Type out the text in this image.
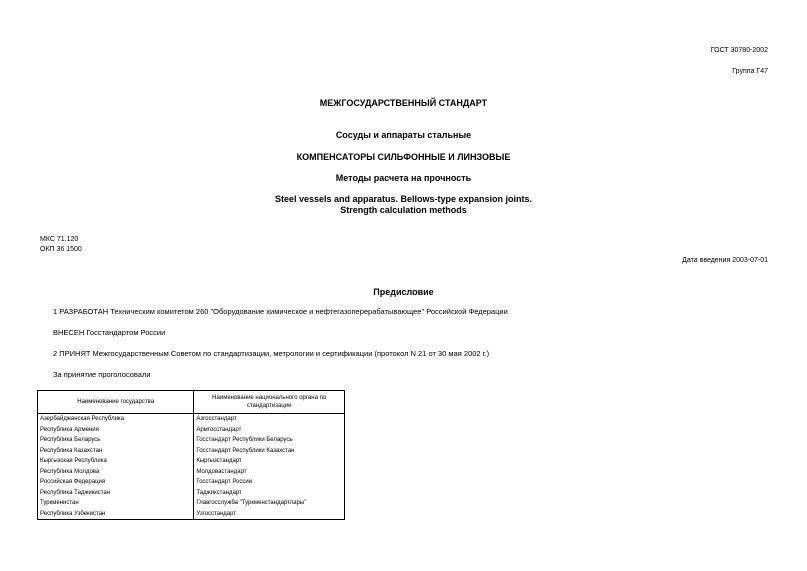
ГОСТ 30780-2002
Группа Г47
МЕЖГОСУДАРСТВЕННЫЙ СТАНДАРТ
Сосуды и аппараты стальные
КОМПЕНСАТОРЫ СИЛЬФОННЫЕ И ЛИНЗОВЫЕ
Методы расчета на прочность
Steel vessels and apparatus. Bellows-type expansion joints.
Strength calculation methods
МКС 71.120
ОКП 36 1500
Дата введения 2003-07-01
Предисловие
1 РАЗРАБОТАН Техническим комитетом 260 "Оборудование химическое и нефтегазоперерабатывающее" Российской Федерации
ВНЕСЕН Госстандартом России
2 ПРИНЯТ Межгосударственным Советом по стандартизации, метрологии и сертификации (протокол N 21 от 30 мая 2002 г.)
За принятие проголосовали
Наименование государства	Наименование национального органа по стандартизации
Азербайджанская Республика	Азгосстандарт
Республика Армения	Армгосстандарт
Республика Беларусь	Госстандарт Республики Беларусь
Республика Казахстан	Госстандарт Республики Казахстан
Кыргызская Республика	Кыргызстандарт
Республика Молдова	Молдовастандарт
Российская Федерация	Госстандарт России
Республика Таджикистан	Таджикстандарт
Туркменистан	Главгосслужба "Туркменстандартлары"
Республика Узбекистан	Узгосстандарт
